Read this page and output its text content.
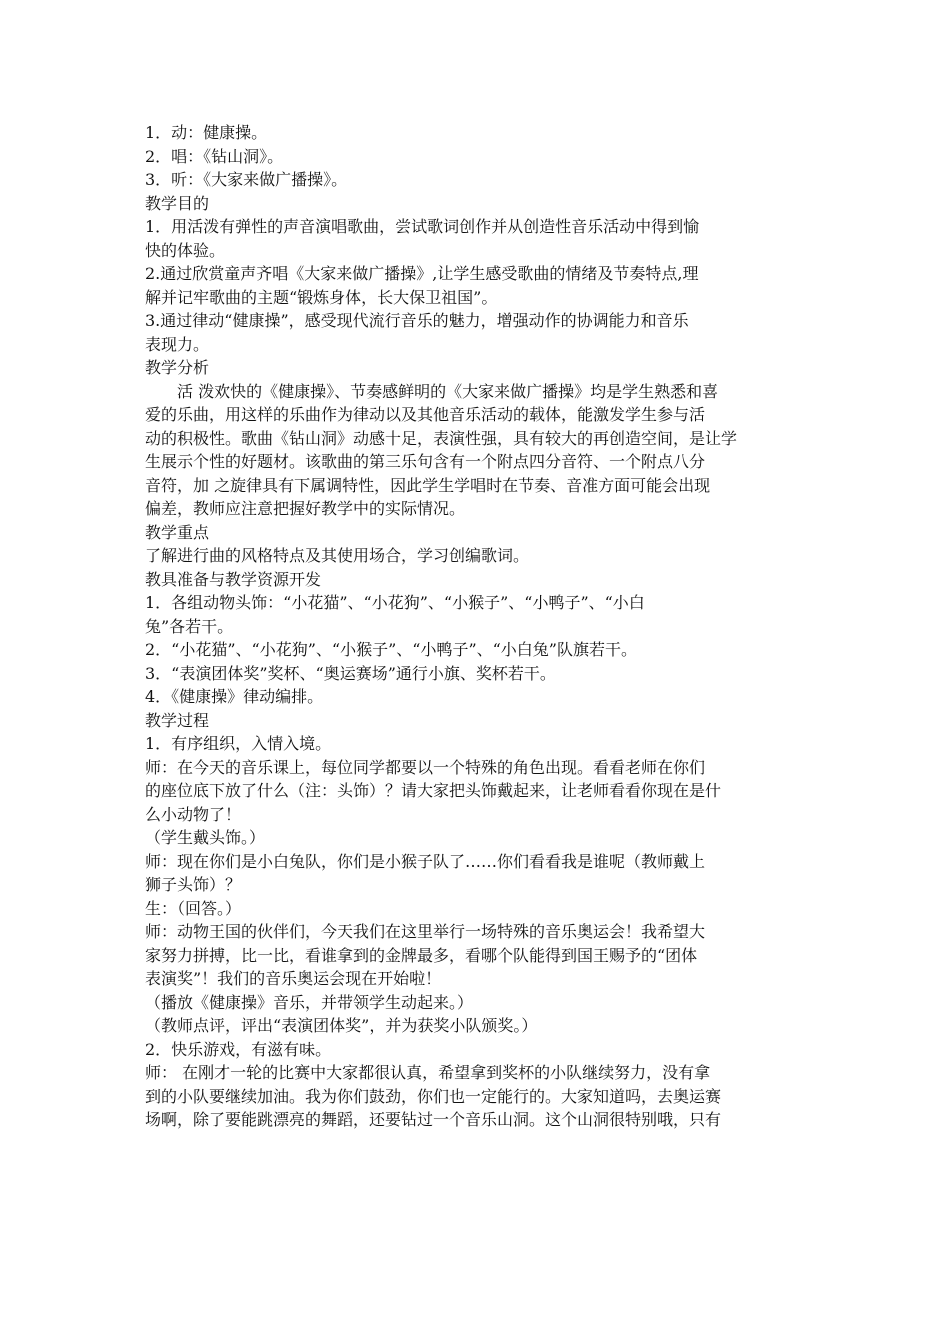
1．动：健康操。
2．唱：《钻山洞》。
3．听：《大家来做广播操》。
教学目的
1．用活泼有弹性的声音演唱歌曲，尝试歌词创作并从创造性音乐活动中得到愉
快的体验。
2.通过欣赏童声齐唱《大家来做广播操》,让学生感受歌曲的情绪及节奏特点,理
解并记牢歌曲的主题“锻炼身体，长大保卫祖国”。
3.通过律动“健康操”，感受现代流行音乐的魅力，增强动作的协调能力和音乐
表现力。
教学分析
　　活 泼欢快的《健康操》、节奏感鲜明的《大家来做广播操》均是学生熟悉和喜
爱的乐曲，用这样的乐曲作为律动以及其他音乐活动的载体，能激发学生参与活
动的积极性。歌曲《钻山洞》动感十足，表演性强，具有较大的再创造空间，是让学
生展示个性的好题材。该歌曲的第三乐句含有一个附点四分音符、一个附点八分
音符，加 之旋律具有下属调特性，因此学生学唱时在节奏、音准方面可能会出现
偏差，教师应注意把握好教学中的实际情况。
教学重点
了解进行曲的风格特点及其使用场合，学习创编歌词。
教具准备与教学资源开发
1．各组动物头饰：“小花猫”、“小花狗”、“小猴子”、“小鸭子”、“小白
兔”各若干。
2．“小花猫”、“小花狗”、“小猴子”、“小鸭子”、“小白兔”队旗若干。
3．“表演团体奖”奖杯、“奥运赛场”通行小旗、奖杯若干。
4．《健康操》律动编排。
教学过程
1．有序组织，入情入境。
师：在今天的音乐课上，每位同学都要以一个特殊的角色出现。看看老师在你们
的座位底下放了什么（注：头饰）？请大家把头饰戴起来，让老师看看你现在是什
么小动物了！
（学生戴头饰。）
师：现在你们是小白兔队，你们是小猴子队了……你们看看我是谁呢（教师戴上
狮子头饰）？
生：（回答。）
师：动物王国的伙伴们，今天我们在这里举行一场特殊的音乐奥运会！我希望大
家努力拼搏，比一比，看谁拿到的金牌最多，看哪个队能得到国王赐予的“团体
表演奖”！我们的音乐奥运会现在开始啦！
（播放《健康操》音乐，并带领学生动起来。）
（教师点评，评出“表演团体奖”，并为获奖小队颁奖。）
2．快乐游戏，有滋有味。
师： 在刚才一轮的比赛中大家都很认真，希望拿到奖杯的小队继续努力，没有拿
到的小队要继续加油。我为你们鼓劲，你们也一定能行的。大家知道吗，去奥运赛
场啊，除了要能跳漂亮的舞蹈，还要钻过一个音乐山洞。这个山洞很特别哦，只有
